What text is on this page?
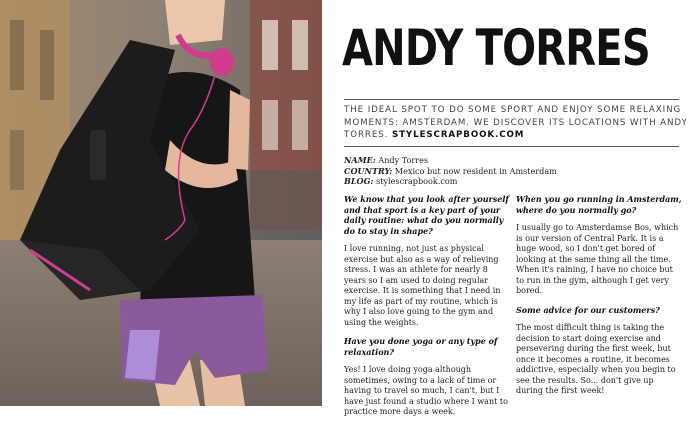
ANDY TORRES
THE IDEAL SPOT TO DO SOME SPORT AND ENJOY SOME RELAXING MOMENTS: AMSTERDAM. WE DISCOVER ITS LOCATIONS WITH ANDY TORRES. STYLESCRAPBOOK.COM
NAME: Andy Torres
COUNTRY: Mexico but now resident in Amsterdam
BLOG: stylescrapbook.com

We know that you look after yourself and that sport is a key part of your daily routine: what do you normally do to stay in shape?

I love running, not just as physical exercise but also as a way of relieving stress. I was an athlete for nearly 8 years so I am used to doing regular exercise. It is something that I need in my life as part of my routine, which is why I also love going to the gym and using the weights.

Have you done yoga or any type of relaxation?

Yes! I love doing yoga although sometimes, owing to a lack of time or having to travel so much, I can't, but I have just found a studio where I want to practice more days a week.

When you go running in Amsterdam, where do you normally go?

I usually go to Amsterdamse Bos, which is our version of Central Park. It is a huge wood, so I don't get bored of looking at the same thing all the time. When it's raining, I have no choice but to run in the gym, although I get very bored.

Some advice for our customers?

The most difficult thing is taking the decision to start doing exercise and persevering during the first week, but once it becomes a routine, it becomes addictive, especially when you begin to see the results. So... don't give up during the first week!
